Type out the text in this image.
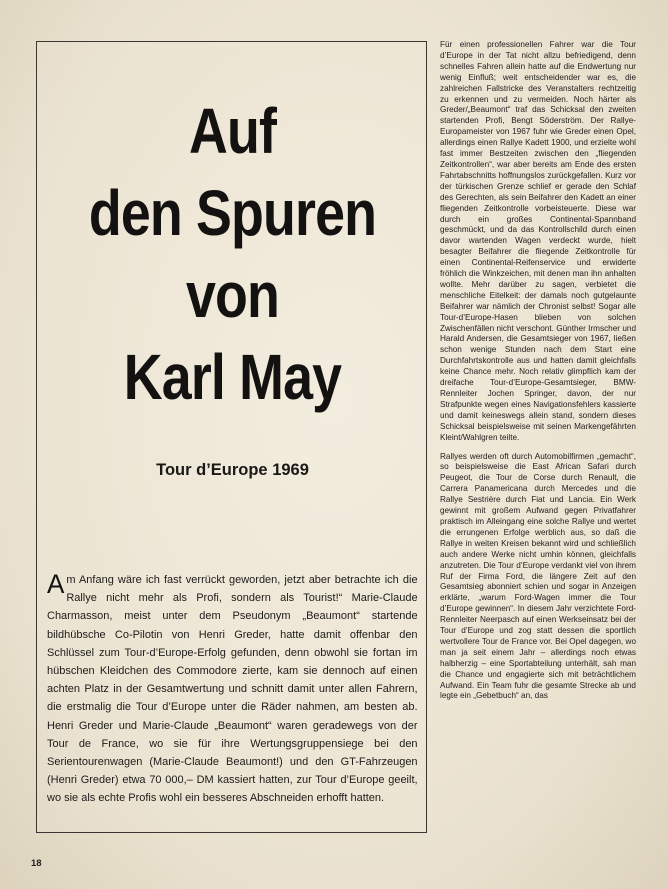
Auf
den Spuren
von
Karl May
Tour d’Europe 1969

Am Anfang wäre ich fast verrückt geworden, jetzt aber betrachte ich die Rallye nicht mehr als Profi, sondern als Tourist!“ Marie-Claude Charmasson, meist unter dem Pseudonym „Beaumont“ startende bildhübsche Co-Pilotin von Henri Greder, hatte damit offenbar den Schlüssel zum Tour-d’Europe-Erfolg gefunden, denn obwohl sie fortan im hübschen Kleidchen des Commodore zierte, kam sie dennoch auf einen achten Platz in der Gesamtwertung und schnitt damit unter allen Fahrern, die erstmalig die Tour d’Europe unter die Räder nahmen, am besten ab. Henri Greder und Marie-Claude „Beaumont“ waren geradewegs von der Tour de France, wo sie für ihre Wertungsgruppensiege bei den Serientourenwagen (Marie-Claude Beaumont!) und den GT-Fahrzeugen (Henri Greder) etwa 70 000,– DM kassiert hatten, zur Tour d’Europe geeilt, wo sie als echte Profis wohl ein besseres Abschneiden erhofft hatten.

Für einen professionellen Fahrer war die Tour d’Europe in der Tat nicht allzu befriedigend, denn schnelles Fahren allein hatte auf die Endwertung nur wenig Einfluß; weit entscheidender war es, die zahlreichen Fallstricke des Veranstalters rechtzeitig zu erkennen und zu vermeiden. Noch härter als Greder/„Beaumont“ traf das Schicksal den zweiten startenden Profi, Bengt Söderström. Der Rallye-Europameister von 1967 fuhr wie Greder einen Opel, allerdings einen Rallye Kadett 1900, und erzielte wohl fast immer Bestzeiten zwischen den „fliegenden Zeitkontrollen“, war aber bereits am Ende des ersten Fahrtabschnitts hoffnungslos zurückgefallen. Kurz vor der türkischen Grenze schlief er gerade den Schlaf des Gerechten, als sein Beifahrer den Kadett an einer fliegenden Zeitkontrolle vorbeisteuerte. Diese war durch ein großes Continental-Spannband geschmückt, und da das Kontrollschild durch einen davor wartenden Wagen verdeckt wurde, hielt besagter Beifahrer die fliegende Zeitkontrolle für einen Continental-Reifenservice und erwiderte fröhlich die Winkzeichen, mit denen man ihn anhalten wollte. Mehr darüber zu sagen, verbietet die menschliche Eitelkeit: der damals noch gutgelaunte Beifahrer war nämlich der Chronist selbst! Sogar alle Tour-d’Europe-Hasen blieben von solchen Zwischenfällen nicht verschont. Günther Irmscher und Harald Andersen, die Gesamtsieger von 1967, ließen schon wenige Stunden nach dem Start eine Durchfahrtskontrolle aus und hatten damit gleichfalls keine Chance mehr. Noch relativ glimpflich kam der dreifache Tour-d’Europe-Gesamtsieger, BMW-Rennleiter Jochen Springer, davon, der nur Strafpunkte wegen eines Navigationsfehlers kassierte und damit keineswegs allein stand, sondern dieses Schicksal beispielsweise mit seinen Markengefährten Kleint/Wahlgren teilte.

Rallyes werden oft durch Automobilfirmen „gemacht“, so beispielsweise die East African Safari durch Peugeot, die Tour de Corse durch Renault, die Carrera Panamericana durch Mercedes und die Rallye Sestrière durch Fiat und Lancia. Ein Werk gewinnt mit großem Aufwand gegen Privatfahrer praktisch im Alleingang eine solche Rallye und wertet die errungenen Erfolge werblich aus, so daß die Rallye in weiten Kreisen bekannt wird und schließlich auch andere Werke nicht umhin können, gleichfalls anzutreten. Die Tour d’Europe verdankt viel von ihrem Ruf der Firma Ford, die längere Zeit auf den Gesamtsieg abonniert schien und sogar in Anzeigen erklärte, „warum Ford-Wagen immer die Tour d’Europe gewinnen“. In diesem Jahr verzichtete Ford-Rennleiter Neerpasch auf einen Werkseinsatz bei der Tour d’Europe und zog statt dessen die sportlich wertvollere Tour de France vor. Bei Opel dagegen, wo man ja seit einem Jahr – allerdings noch etwas halbherzig – eine Sportabteilung unterhält, sah man die Chance und engagierte sich mit beträchtlichem Aufwand. Ein Team fuhr die gesamte Strecke ab und legte ein „Gebetbuch“ an, das

18
